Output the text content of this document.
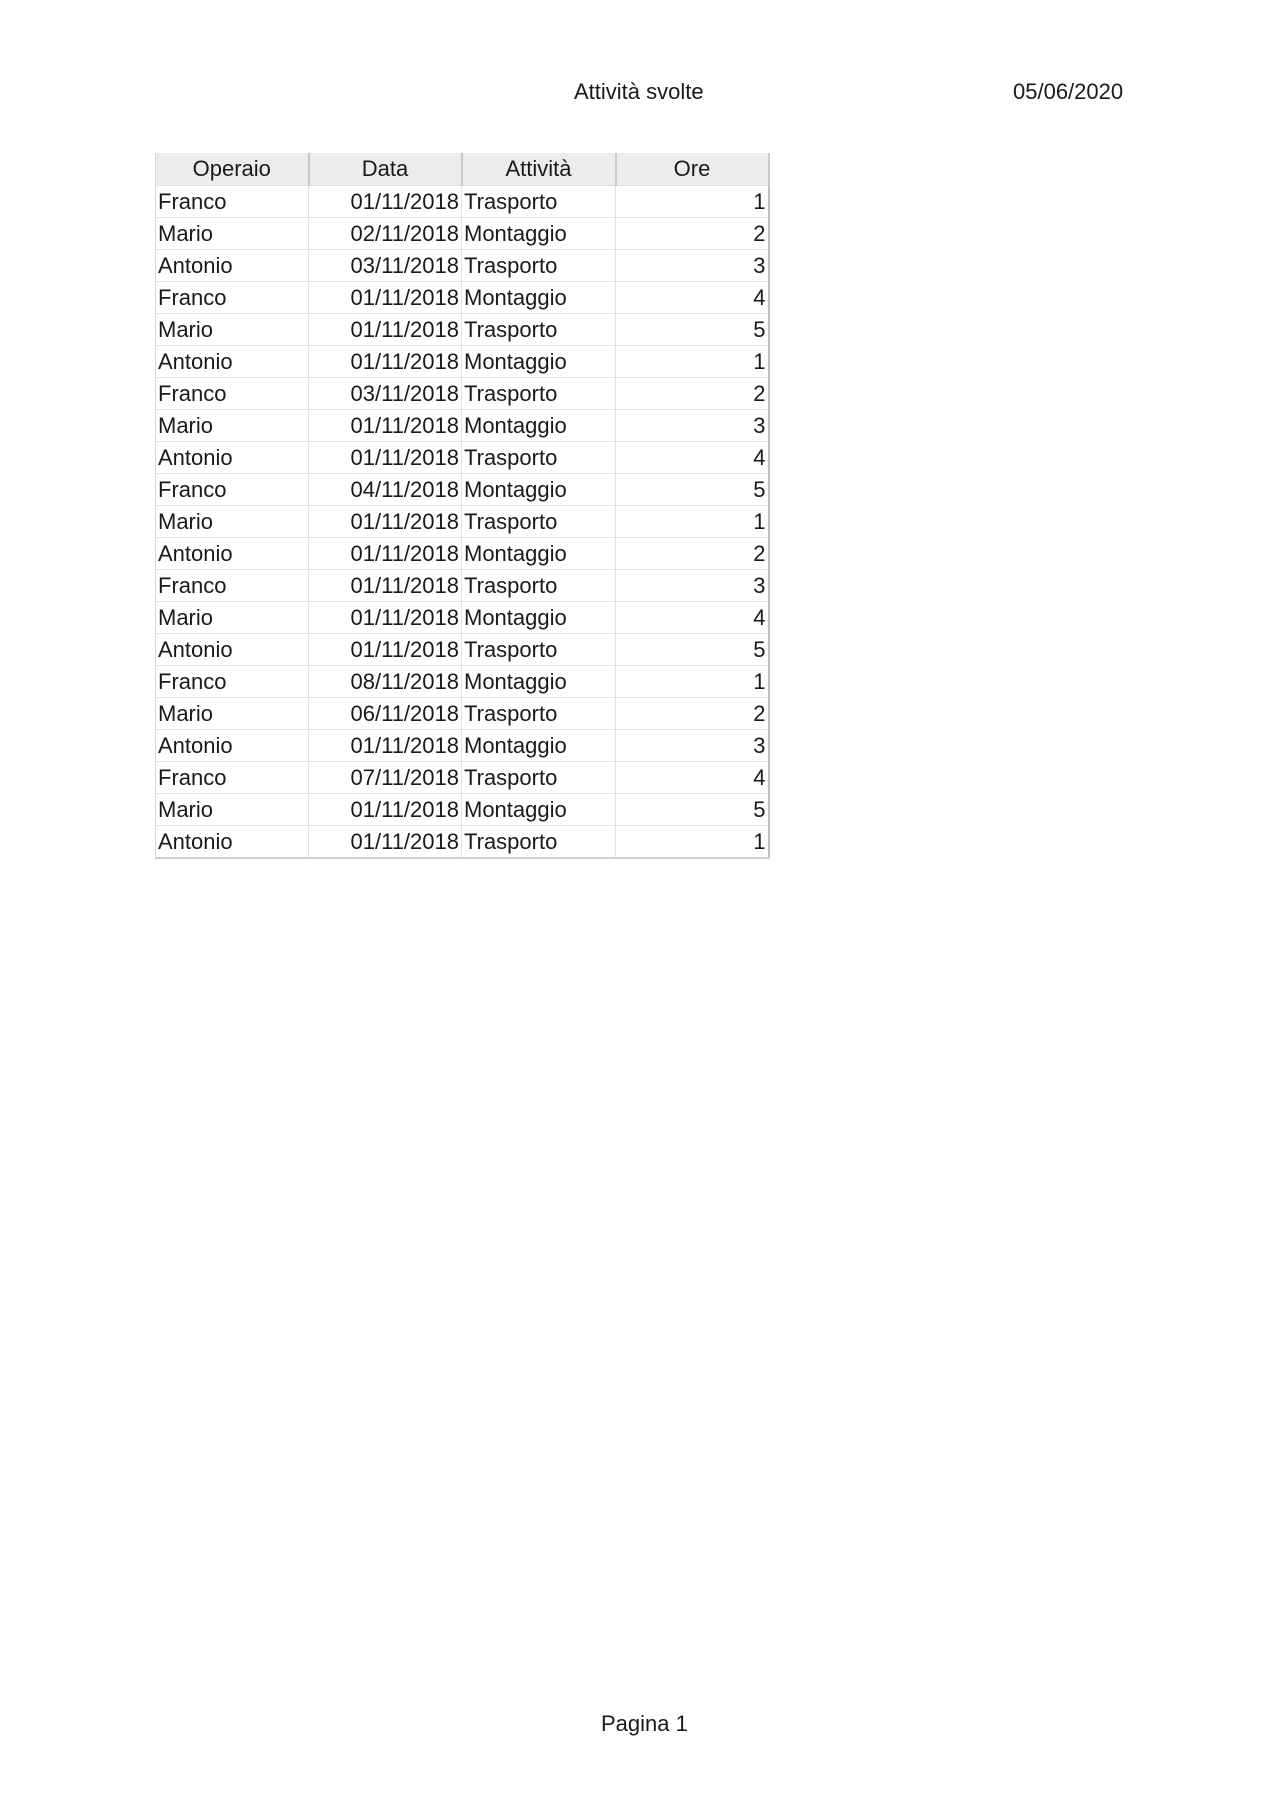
Attività svolte	05/06/2020
Operaio	Data	Attività	Ore
Franco	01/11/2018	Trasporto	1
Mario	02/11/2018	Montaggio	2
Antonio	03/11/2018	Trasporto	3
Franco	01/11/2018	Montaggio	4
Mario	01/11/2018	Trasporto	5
Antonio	01/11/2018	Montaggio	1
Franco	03/11/2018	Trasporto	2
Mario	01/11/2018	Montaggio	3
Antonio	01/11/2018	Trasporto	4
Franco	04/11/2018	Montaggio	5
Mario	01/11/2018	Trasporto	1
Antonio	01/11/2018	Montaggio	2
Franco	01/11/2018	Trasporto	3
Mario	01/11/2018	Montaggio	4
Antonio	01/11/2018	Trasporto	5
Franco	08/11/2018	Montaggio	1
Mario	06/11/2018	Trasporto	2
Antonio	01/11/2018	Montaggio	3
Franco	07/11/2018	Trasporto	4
Mario	01/11/2018	Montaggio	5
Antonio	01/11/2018	Trasporto	1
Pagina 1
